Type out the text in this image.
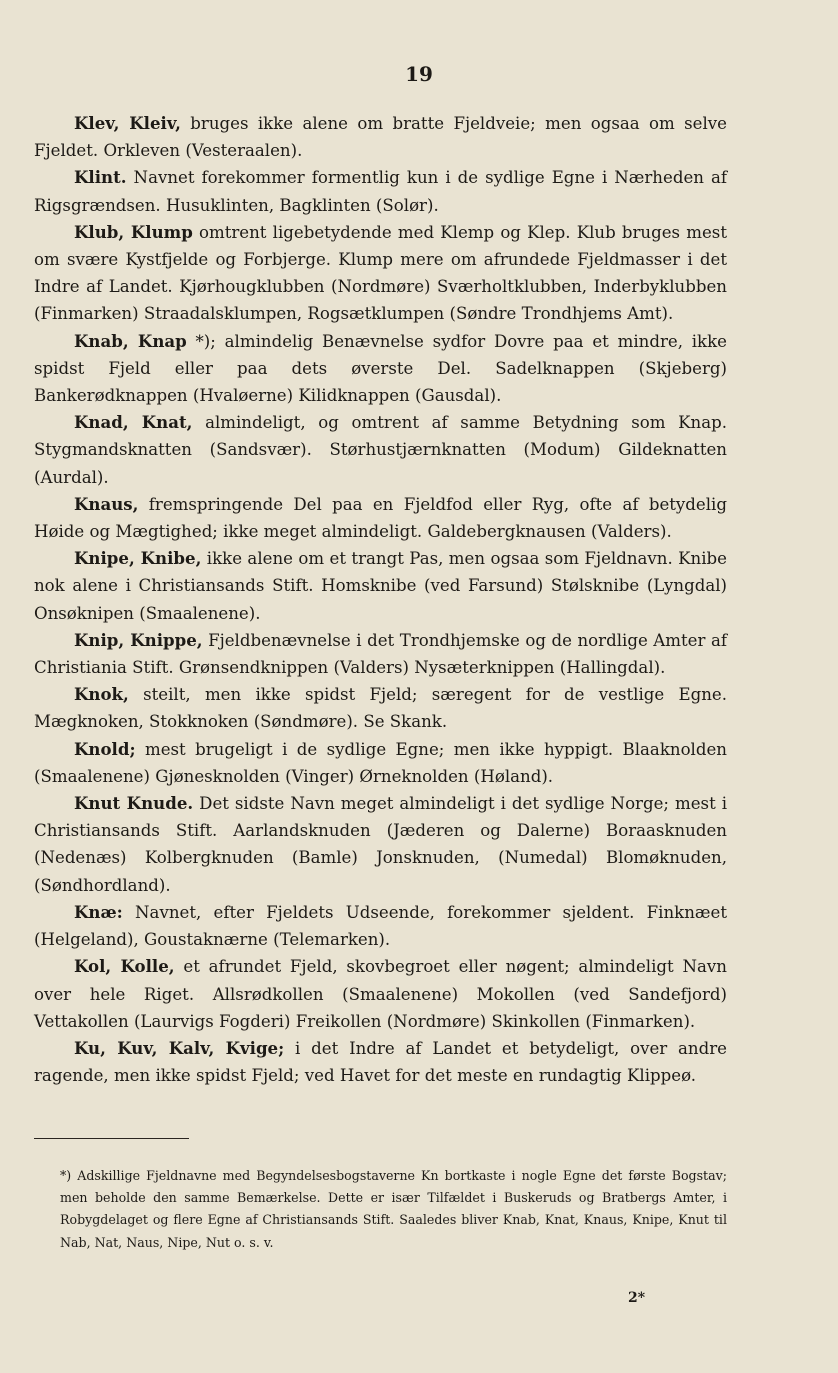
19

Klev, Kleiv, bruges ikke alene om bratte Fjeldveie; men ogsaa om selve Fjeldet. Orkleven (Vesteraalen).

Klint. Navnet forekommer formentlig kun i de sydlige Egne i Nærheden af Rigsgrændsen. Husuklinten, Bagklinten (Solør).

Klub, Klump omtrent ligebetydende med Klemp og Klep. Klub bruges mest om svære Kystfjelde og Forbjerge. Klump mere om afrundede Fjeldmasser i det Indre af Landet. Kjørhougklubben (Nordmøre) Sværholtklubben, Inderbyklubben (Finmarken) Straadalsklumpen, Rogsætklumpen (Søndre Trondhjems Amt).

Knab, Knap *); almindelig Benævnelse sydfor Dovre paa et mindre, ikke spidst Fjeld eller paa dets øverste Del. Sadelknappen (Skjeberg) Bankerødknappen (Hvaløerne) Kilidknappen (Gausdal).

Knad, Knat, almindeligt, og omtrent af samme Betydning som Knap. Stygmandsknatten (Sandsvær). Størhustjærnknatten (Modum) Gildeknatten (Aurdal).

Knaus, fremspringende Del paa en Fjeldfod eller Ryg, ofte af betydelig Høide og Mægtighed; ikke meget almindeligt. Galdebergknausen (Valders).

Knipe, Knibe, ikke alene om et trangt Pas, men ogsaa som Fjeldnavn. Knibe nok alene i Christiansands Stift. Homsknibe (ved Farsund) Stølsknibe (Lyngdal) Onsøknipen (Smaalenene).

Knip, Knippe, Fjeldbenævnelse i det Trondhjemske og de nordlige Amter af Christiania Stift. Grønsendknippen (Valders) Nysæterknippen (Hallingdal).

Knok, steilt, men ikke spidst Fjeld; særegent for de vestlige Egne. Mægknoken, Stokknoken (Søndmøre). Se Skank.

Knold; mest brugeligt i de sydlige Egne; men ikke hyppigt. Blaaknolden (Smaalenene) Gjønesknolden (Vinger) Ørneknolden (Høland).

Knut Knude. Det sidste Navn meget almindeligt i det sydlige Norge; mest i Christiansands Stift. Aarlandsknuden (Jæderen og Dalerne) Boraasknuden (Nedenæs) Kolbergknuden (Bamle) Jonsknuden, (Numedal) Blomøknuden, (Søndhordland).

Knæ: Navnet, efter Fjeldets Udseende, forekommer sjeldent. Finknæet (Helgeland), Goustaknærne (Telemarken).

Kol, Kolle, et afrundet Fjeld, skovbegroet eller nøgent; almindeligt Navn over hele Riget. Allsrødkollen (Smaalenene) Mokollen (ved Sandefjord) Vettakollen (Laurvigs Fogderi) Freikollen (Nordmøre) Skinkollen (Finmarken).

Ku, Kuv, Kalv, Kvige; i det Indre af Landet et betydeligt, over andre ragende, men ikke spidst Fjeld; ved Havet for det meste en rundagtig Klippeø.

*) Adskillige Fjeldnavne med Begyndelsesbogstaverne Kn bortkaste i nogle Egne det første Bogstav; men beholde den samme Bemærkelse. Dette er især Tilfældet i Buskeruds og Bratbergs Amter, i Robygdelaget og flere Egne af Christiansands Stift. Saaledes bliver Knab, Knat, Knaus, Knipe, Knut til Nab, Nat, Naus, Nipe, Nut o. s. v.
2*
